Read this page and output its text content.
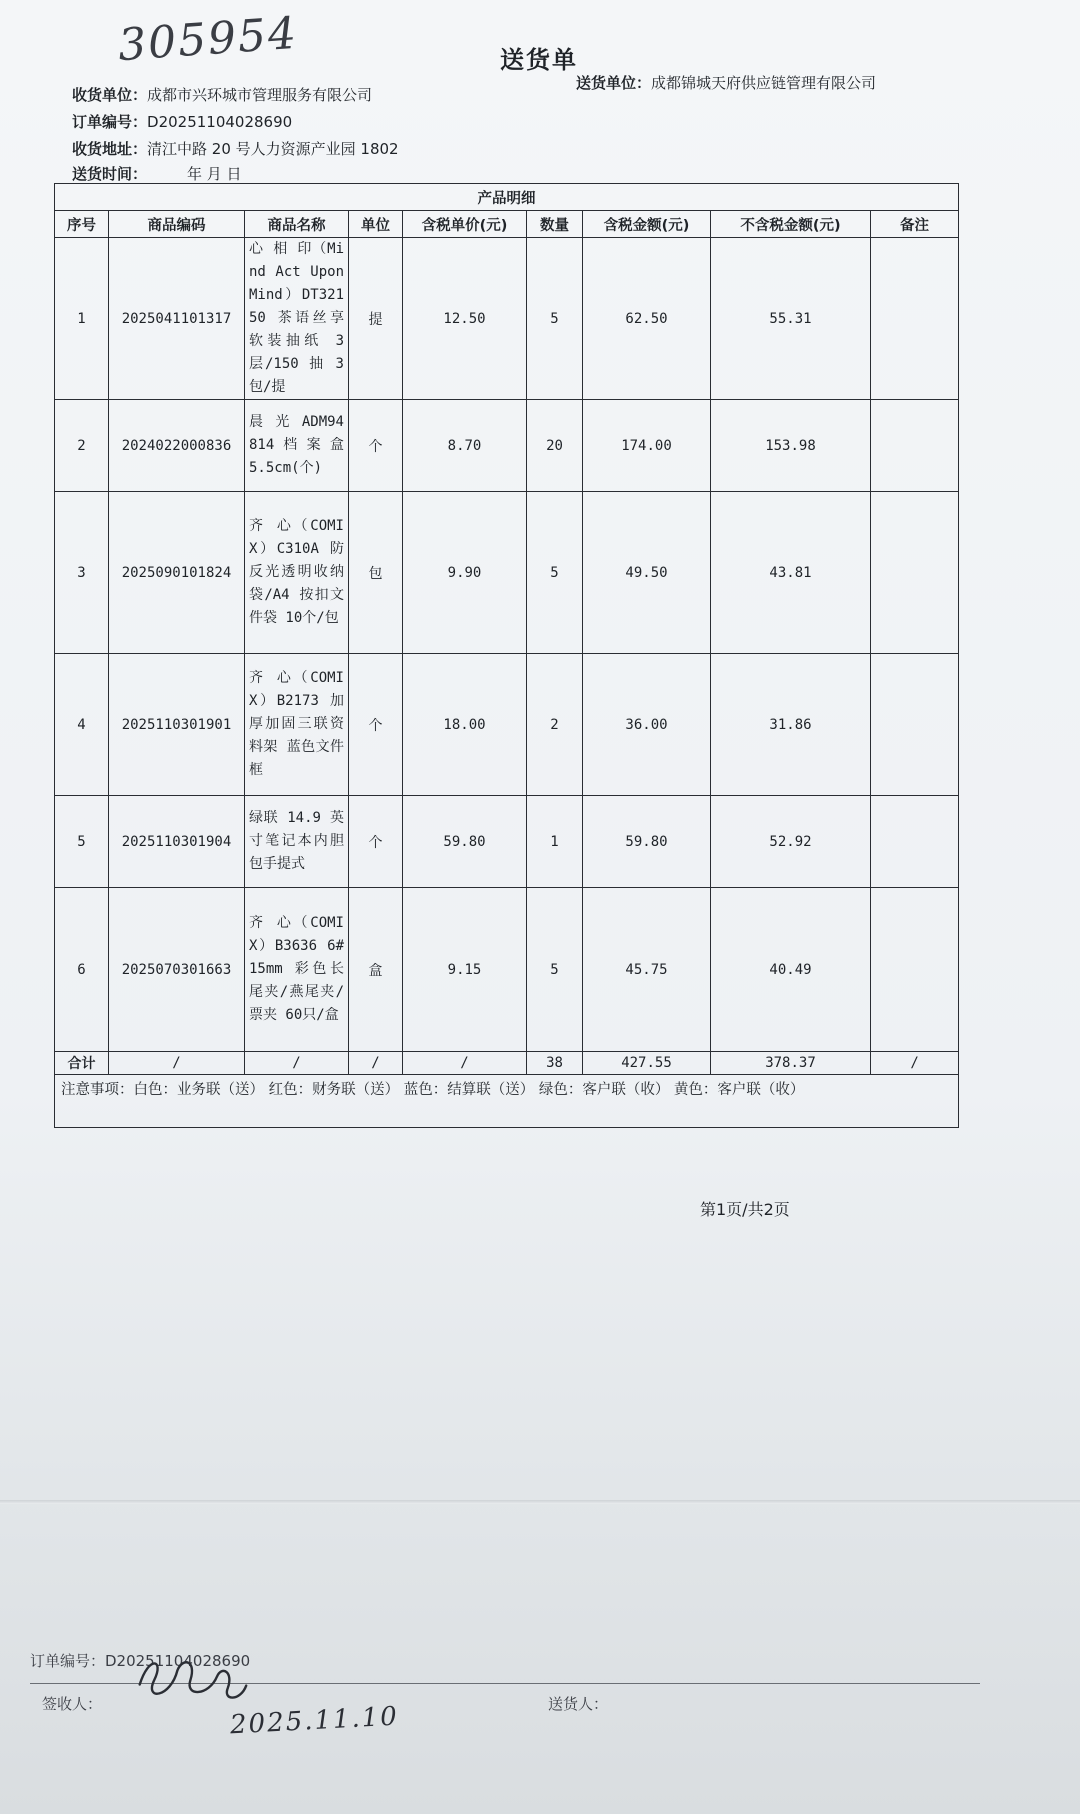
305954	送货单
收货单位：成都市兴环城市管理服务有限公司
送货单位：成都锦城天府供应链管理有限公司
订单编号：D20251104028690
收货地址：清江中路 20 号人力资源产业园 1802
送货时间：	年 月 日
产品明细								
序号	商品编码	商品名称	单位	含税单价(元)	数量	含税金额(元)	不含税金额(元)	备注
1	2025041101317	心 相 印（Mind Act Upon Mind）DT32150 茶语丝享软装抽纸 3层/150 抽 3包/提	提	12.50	5	62.50	55.31	
2	2024022000836	晨 光 ADM94814 档 案 盒 5.5cm(个)	个	8.70	20	174.00	153.98	
3	2025090101824	齐 心（COMIX）C310A 防反光透明收纳袋/A4 按扣文件袋 10个/包	包	9.90	5	49.50	43.81	
4	2025110301901	齐 心（COMIX）B2173 加厚加固三联资料架 蓝色文件框	个	18.00	2	36.00	31.86	
5	2025110301904	绿联 14.9 英寸笔记本内胆包手提式	个	59.80	1	59.80	52.92	
6	2025070301663	齐 心（COMIX）B3636 6#15mm 彩色长尾夹/燕尾夹/票夹 60只/盒	盒	9.15	5	45.75	40.49	
合计	/	/	/	/	38	427.55	378.37	/
注意事项：白色：业务联（送） 红色：财务联（送） 蓝色：结算联（送） 绿色：客户联（收） 黄色：客户联（收）								
第1页/共2页
订单编号：D20251104028690
签收人：	2025.11.10	送货人：
